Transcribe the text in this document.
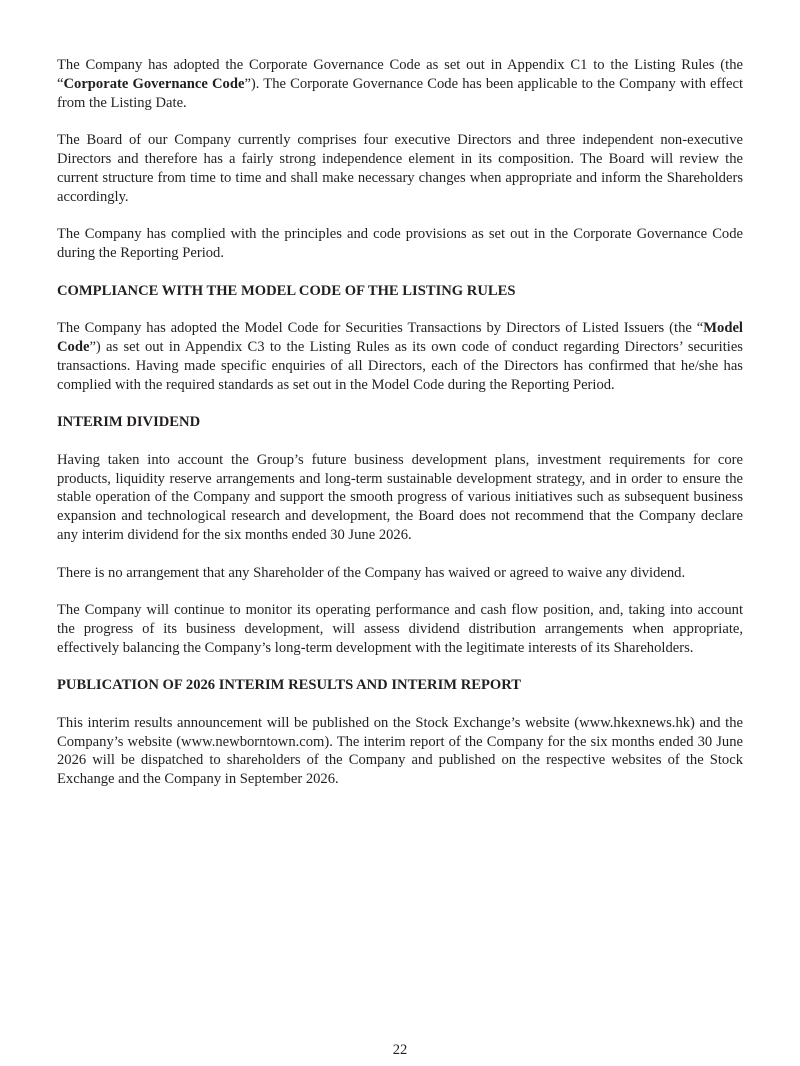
The Company has adopted the Corporate Governance Code as set out in Appendix C1 to the Listing Rules (the “Corporate Governance Code”). The Corporate Governance Code has been applicable to the Company with effect from the Listing Date.

The Board of our Company currently comprises four executive Directors and three independent non-executive Directors and therefore has a fairly strong independence element in its composition. The Board will review the current structure from time to time and shall make necessary changes when appropriate and inform the Shareholders accordingly.

The Company has complied with the principles and code provisions as set out in the Corporate Governance Code during the Reporting Period.

COMPLIANCE WITH THE MODEL CODE OF THE LISTING RULES

The Company has adopted the Model Code for Securities Transactions by Directors of Listed Issuers (the “Model Code”) as set out in Appendix C3 to the Listing Rules as its own code of conduct regarding Directors’ securities transactions. Having made specific enquiries of all Directors, each of the Directors has confirmed that he/she has complied with the required standards as set out in the Model Code during the Reporting Period.

INTERIM DIVIDEND

Having taken into account the Group’s future business development plans, investment requirements for core products, liquidity reserve arrangements and long-term sustainable development strategy, and in order to ensure the stable operation of the Company and support the smooth progress of various initiatives such as subsequent business expansion and technological research and development, the Board does not recommend that the Company declare any interim dividend for the six months ended 30 June 2026.

There is no arrangement that any Shareholder of the Company has waived or agreed to waive any dividend.

The Company will continue to monitor its operating performance and cash flow position, and, taking into account the progress of its business development, will assess dividend distribution arrangements when appropriate, effectively balancing the Company’s long-term development with the legitimate interests of its Shareholders.

PUBLICATION OF 2026 INTERIM RESULTS AND INTERIM REPORT

This interim results announcement will be published on the Stock Exchange’s website (www.hkexnews.hk) and the Company’s website (www.newborntown.com). The interim report of the Company for the six months ended 30 June 2026 will be dispatched to shareholders of the Company and published on the respective websites of the Stock Exchange and the Company in September 2026.

22
